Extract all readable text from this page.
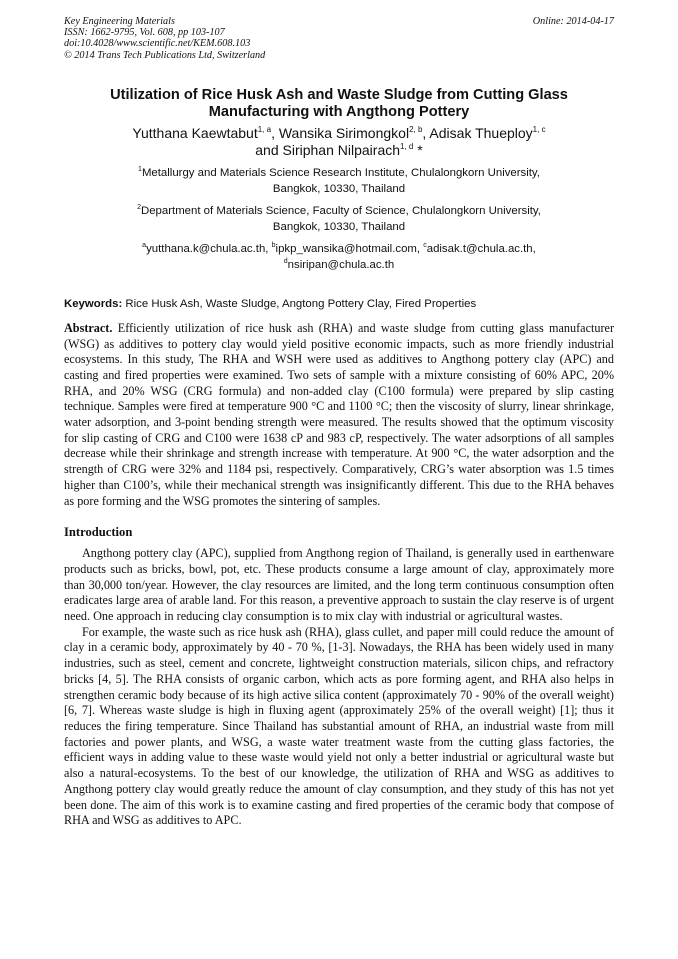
Key Engineering Materials
ISSN: 1662-9795, Vol. 608, pp 103-107
doi:10.4028/www.scientific.net/KEM.608.103
© 2014 Trans Tech Publications Ltd, Switzerland
Online: 2014-04-17
Utilization of Rice Husk Ash and Waste Sludge from Cutting Glass
Manufacturing with Angthong Pottery
Yutthana Kaewtabut$^{1, a}$, Wansika Sirimongkol$^{2, b}$, Adisak Thueploy$^{1, c}$
and Siriphan Nilpairach$^{1, d}$ *
$^1$Metallurgy and Materials Science Research Institute, Chulalongkorn University,
Bangkok, 10330, Thailand
$^2$Department of Materials Science, Faculty of Science, Chulalongkorn University,
Bangkok, 10330, Thailand
$^a$yutthana.k@chula.ac.th, $^b$ipkp_wansika@hotmail.com, $^c$adisak.t@chula.ac.th,
$^d$nsiripan@chula.ac.th
Keywords: Rice Husk Ash, Waste Sludge, Angtong Pottery Clay, Fired Properties
Abstract. Efficiently utilization of rice husk ash (RHA) and waste sludge from cutting glass manufacturer (WSG) as additives to pottery clay would yield positive economic impacts, such as more friendly industrial ecosystems. In this study, The RHA and WSH were used as additives to Angthong pottery clay (APC) and casting and fired properties were examined. Two sets of sample with a mixture consisting of 60% APC, 20% RHA, and 20% WSG (CRG formula) and non-added clay (C100 formula) were prepared by slip casting technique. Samples were fired at temperature 900 °C and 1100 °C; then the viscosity of slurry, linear shrinkage, water adsorption, and 3-point bending strength were measured. The results showed that the optimum viscosity for slip casting of CRG and C100 were 1638 cP and 983 cP, respectively. The water adsorptions of all samples decrease while their shrinkage and strength increase with temperature. At 900 °C, the water adsorption and the strength of CRG were 32% and 1184 psi, respectively. Comparatively, CRG’s water absorption was 1.5 times higher than C100’s, while their mechanical strength was insignificantly different. This due to the RHA behaves as pore forming and the WSG promotes the sintering of samples.
Introduction

Angthong pottery clay (APC), supplied from Angthong region of Thailand, is generally used in earthenware products such as bricks, bowl, pot, etc. These products consume a large amount of clay, approximately more than 30,000 ton/year. However, the clay resources are limited, and the long term continuous consumption often eradicates large area of arable land. For this reason, a preventive approach to sustain the clay reserve is of urgent need. One approach in reducing clay consumption is to mix clay with industrial or agricultural wastes.

For example, the waste such as rice husk ash (RHA), glass cullet, and paper mill could reduce the amount of clay in a ceramic body, approximately by 40 - 70 %, [1-3]. Nowadays, the RHA has been widely used in many industries, such as steel, cement and concrete, lightweight construction materials, silicon chips, and refractory bricks [4, 5]. The RHA consists of organic carbon, which acts as pore forming agent, and RHA also helps in strengthen ceramic body because of its high active silica content (approximately 70 - 90% of the overall weight) [6, 7]. Whereas waste sludge is high in fluxing agent (approximately 25% of the overall weight) [1]; thus it reduces the firing temperature. Since Thailand has substantial amount of RHA, an industrial waste from mill factories and power plants, and WSG, a waste water treatment waste from the cutting glass factories, the efficient ways in adding value to these waste would yield not only a better industrial or agricultural waste but also a natural-ecosystems. To the best of our knowledge, the utilization of RHA and WSG as additives to Angthong pottery clay would greatly reduce the amount of clay consumption, and they study of this has not yet been done. The aim of this work is to examine casting and fired properties of the ceramic body that compose of RHA and WSG as additives to APC.
